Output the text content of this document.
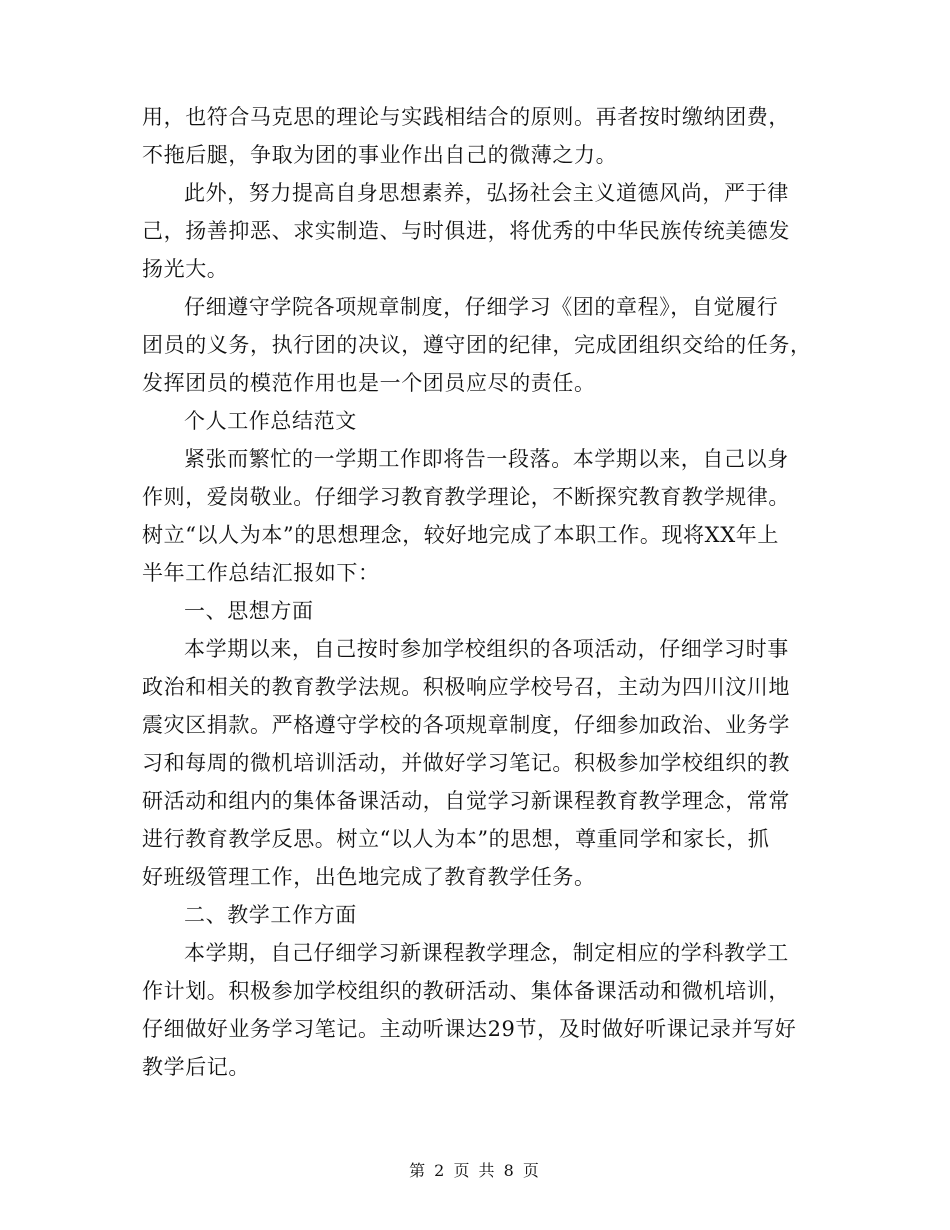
用，也符合马克思的理论与实践相结合的原则。再者按时缴纳团费，
不拖后腿，争取为团的事业作出自己的微薄之力。
此外，努力提高自身思想素养，弘扬社会主义道德风尚，严于律
己，扬善抑恶、求实制造、与时俱进，将优秀的中华民族传统美德发
扬光大。
仔细遵守学院各项规章制度，仔细学习《团的章程》，自觉履行
团员的义务，执行团的决议，遵守团的纪律，完成团组织交给的任务，
发挥团员的模范作用也是一个团员应尽的责任。
个人工作总结范文
紧张而繁忙的一学期工作即将告一段落。本学期以来，自己以身
作则，爱岗敬业。仔细学习教育教学理论，不断探究教育教学规律。
树立“以人为本”的思想理念，较好地完成了本职工作。现将XX年上
半年工作总结汇报如下：
一、思想方面
本学期以来，自己按时参加学校组织的各项活动，仔细学习时事
政治和相关的教育教学法规。积极响应学校号召，主动为四川汶川地
震灾区捐款。严格遵守学校的各项规章制度，仔细参加政治、业务学
习和每周的微机培训活动，并做好学习笔记。积极参加学校组织的教
研活动和组内的集体备课活动，自觉学习新课程教育教学理念，常常
进行教育教学反思。树立“以人为本”的思想，尊重同学和家长，抓
好班级管理工作，出色地完成了教育教学任务。
二、教学工作方面
本学期，自己仔细学习新课程教学理念，制定相应的学科教学工
作计划。积极参加学校组织的教研活动、集体备课活动和微机培训，
仔细做好业务学习笔记。主动听课达29节，及时做好听课记录并写好
教学后记。
第 2 页 共 8 页
